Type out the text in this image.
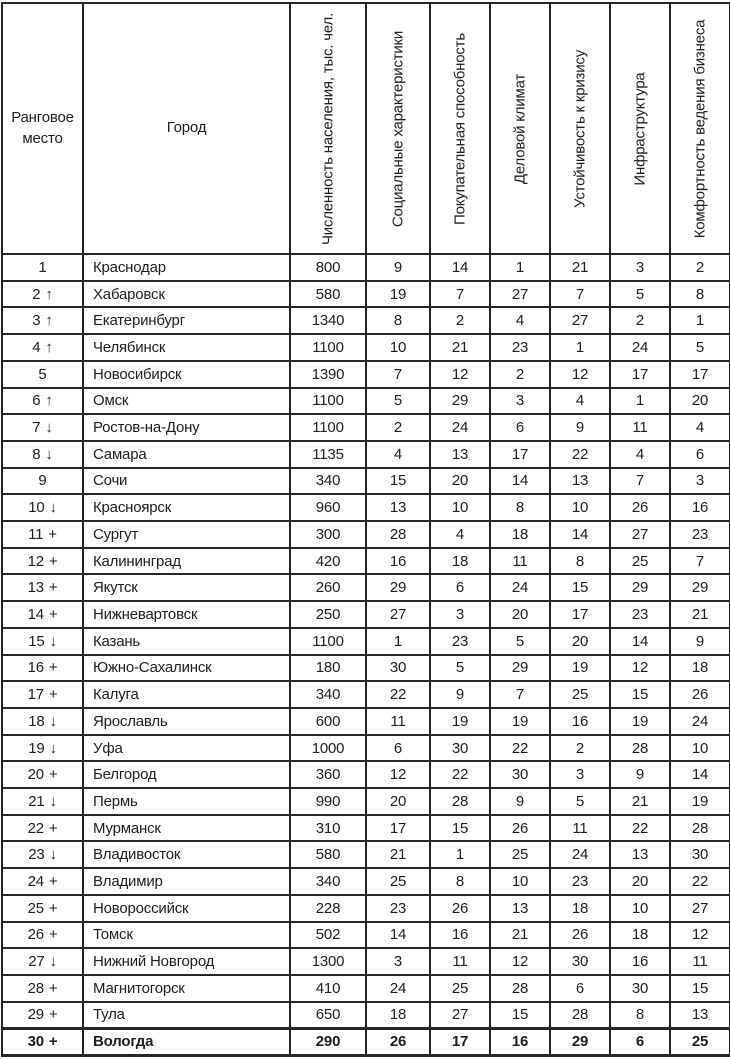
Ранговое место	Город	Численность населения, тыс. чел.	Социальные характеристики	Покупательная способность	Деловой климат	Устойчивость к кризису	Инфраструктура	Комфортность ведения бизнеса

1	Краснодар	800	9	14	1	21	3	2
2 ↑	Хабаровск	580	19	7	27	7	5	8
3 ↑	Екатеринбург	1340	8	2	4	27	2	1
4 ↑	Челябинск	1100	10	21	23	1	24	5
5	Новосибирск	1390	7	12	2	12	17	17
6 ↑	Омск	1100	5	29	3	4	1	20
7 ↓	Ростов-на-Дону	1100	2	24	6	9	11	4
8 ↓	Самара	1135	4	13	17	22	4	6
9	Сочи	340	15	20	14	13	7	3
10 ↓	Красноярск	960	13	10	8	10	26	16
11 +	Сургут	300	28	4	18	14	27	23
12 +	Калининград	420	16	18	11	8	25	7
13 +	Якутск	260	29	6	24	15	29	29
14 +	Нижневартовск	250	27	3	20	17	23	21
15 ↓	Казань	1100	1	23	5	20	14	9
16 +	Южно-Сахалинск	180	30	5	29	19	12	18
17 +	Калуга	340	22	9	7	25	15	26
18 ↓	Ярославль	600	11	19	19	16	19	24
19 ↓	Уфа	1000	6	30	22	2	28	10
20 +	Белгород	360	12	22	30	3	9	14
21 ↓	Пермь	990	20	28	9	5	21	19
22 +	Мурманск	310	17	15	26	11	22	28
23 ↓	Владивосток	580	21	1	25	24	13	30
24 +	Владимир	340	25	8	10	23	20	22
25 +	Новороссийск	228	23	26	13	18	10	27
26 +	Томск	502	14	16	21	26	18	12
27 ↓	Нижний Новгород	1300	3	11	12	30	16	11
28 +	Магнитогорск	410	24	25	28	6	30	15
29 +	Тула	650	18	27	15	28	8	13
30 +	Вологда	290	26	17	16	29	6	25
